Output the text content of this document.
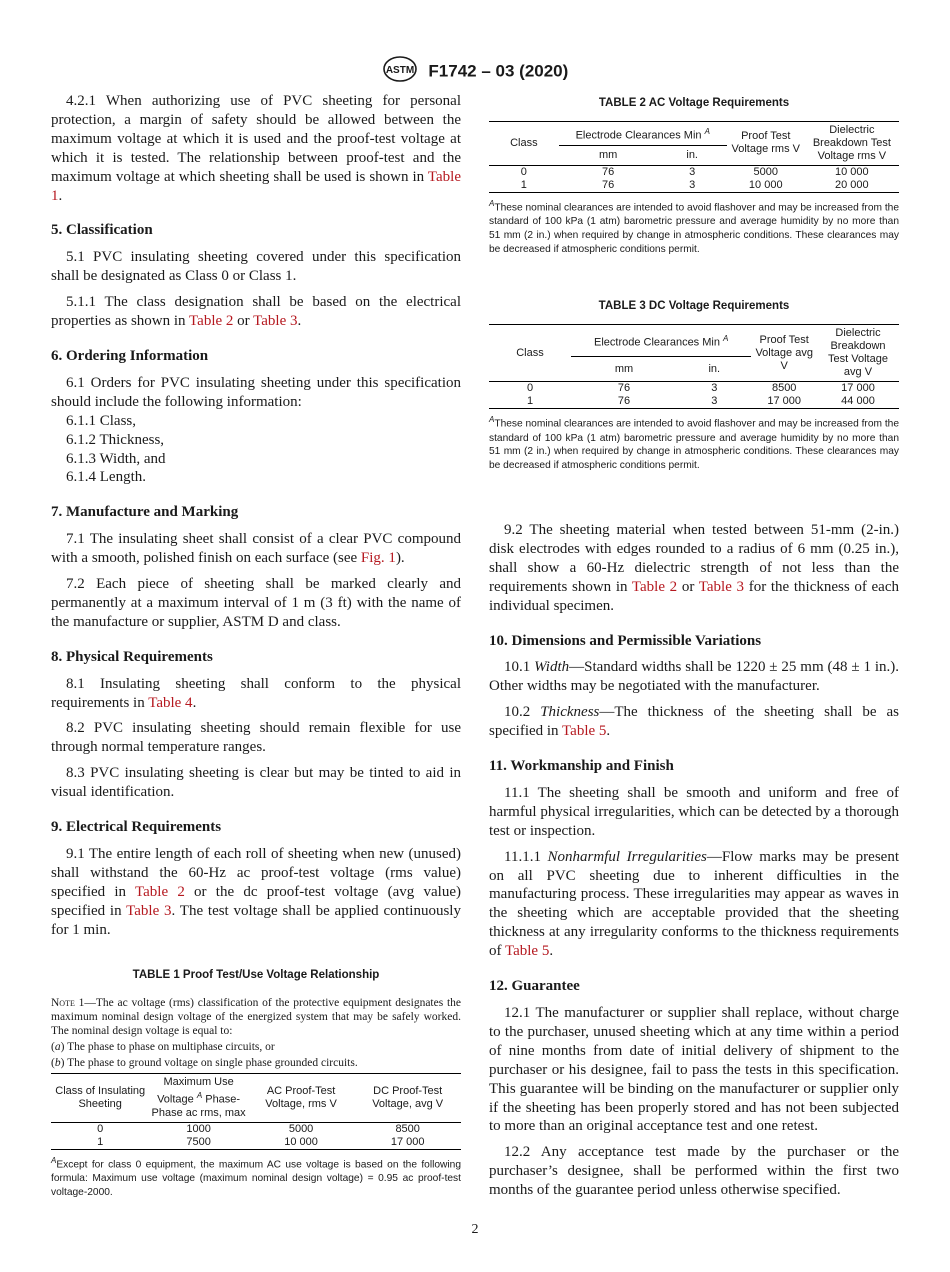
ASTM F1742 – 03 (2020)

4.2.1 When authorizing use of PVC sheeting for personal protection, a margin of safety should be allowed between the maximum voltage at which it is used and the proof-test voltage at which it is tested. The relationship between proof-test and the maximum voltage at which sheeting shall be used is shown in Table 1.

5. Classification

5.1 PVC insulating sheeting covered under this specification shall be designated as Class 0 or Class 1.

5.1.1 The class designation shall be based on the electrical properties as shown in Table 2 or Table 3.

6. Ordering Information

6.1 Orders for PVC insulating sheeting under this specification should include the following information:

6.1.1 Class,

6.1.2 Thickness,

6.1.3 Width, and

6.1.4 Length.

7. Manufacture and Marking

7.1 The insulating sheet shall consist of a clear PVC compound with a smooth, polished finish on each surface (see Fig. 1).

7.2 Each piece of sheeting shall be marked clearly and permanently at a maximum interval of 1 m (3 ft) with the name of the manufacture or supplier, ASTM D and class.

8. Physical Requirements

8.1 Insulating sheeting shall conform to the physical requirements in Table 4.

8.2 PVC insulating sheeting should remain flexible for use through normal temperature ranges.

8.3 PVC insulating sheeting is clear but may be tinted to aid in visual identification.

9. Electrical Requirements

9.1 The entire length of each roll of sheeting when new (unused) shall withstand the 60-Hz ac proof-test voltage (rms value) specified in Table 2 or the dc proof-test voltage (avg value) specified in Table 3. The test voltage shall be applied continuously for 1 min.

TABLE 1 Proof Test/Use Voltage Relationship
Note 1—The ac voltage (rms) classification of the protective equipment designates the maximum nominal design voltage of the energized system that may be safely worked. The nominal design voltage is equal to:
(a) The phase to phase on multiphase circuits, or
(b) The phase to ground voltage on single phase grounded circuits.
Class of Insulating Sheeting	Maximum Use Voltage $^A$ Phase-Phase ac rms, max	AC Proof-Test Voltage, rms V	DC Proof-Test Voltage, avg V
0	1000	5000	8500
1	7500	10 000	17 000
$^A$Except for class 0 equipment, the maximum AC use voltage is based on the following formula: Maximum use voltage (maximum nominal design voltage) = 0.95 ac proof-test voltage-2000.
TABLE 2 AC Voltage Requirements
Class	Electrode Clearances Min $^A$		Proof Test Voltage rms V	Dielectric Breakdown Test Voltage rms V
	mm	in.		
0	76	3	5000	10 000
1	76	3	10 000	20 000
$^A$These nominal clearances are intended to avoid flashover and may be increased from the standard of 100 kPa (1 atm) barometric pressure and average humidity by no more than 51 mm (2 in.) when required by change in atmospheric conditions. These clearances may be decreased if atmospheric conditions permit.
TABLE 3 DC Voltage Requirements
Class	Electrode Clearances Min $^A$		Proof Test Voltage avg V	Dielectric Breakdown Test Voltage avg V
	mm	in.		
0	76	3	8500	17 000
1	76	3	17 000	44 000
$^A$These nominal clearances are intended to avoid flashover and may be increased from the standard of 100 kPa (1 atm) barometric pressure and average humidity by no more than 51 mm (2 in.) when required by change in atmospheric conditions. These clearances may be decreased if atmospheric conditions permit.

9.2 The sheeting material when tested between 51-mm (2-in.) disk electrodes with edges rounded to a radius of 6 mm (0.25 in.), shall show a 60-Hz dielectric strength of not less than the requirements shown in Table 2 or Table 3 for the thickness of each individual specimen.

10. Dimensions and Permissible Variations

10.1 Width—Standard widths shall be 1220 ± 25 mm (48 ± 1 in.). Other widths may be negotiated with the manufacturer.

10.2 Thickness—The thickness of the sheeting shall be as specified in Table 5.

11. Workmanship and Finish

11.1 The sheeting shall be smooth and uniform and free of harmful physical irregularities, which can be detected by a thorough test or inspection.

11.1.1 Nonharmful Irregularities—Flow marks may be present on all PVC sheeting due to inherent difficulties in the manufacturing process. These irregularities may appear as waves in the sheeting which are acceptable provided that the sheeting thickness at any irregularity conforms to the thickness requirements of Table 5.

12. Guarantee

12.1 The manufacturer or supplier shall replace, without charge to the purchaser, unused sheeting which at any time within a period of nine months from date of initial delivery of shipment to the purchaser or his designee, fail to pass the tests in this specification. This guarantee will be binding on the manufacturer or supplier only if the sheeting has been properly stored and has not been subjected to more than an original acceptance test and one retest.

12.2 Any acceptance test made by the purchaser or the purchaser’s designee, shall be performed within the first two months of the guarantee period unless otherwise specified.

2
